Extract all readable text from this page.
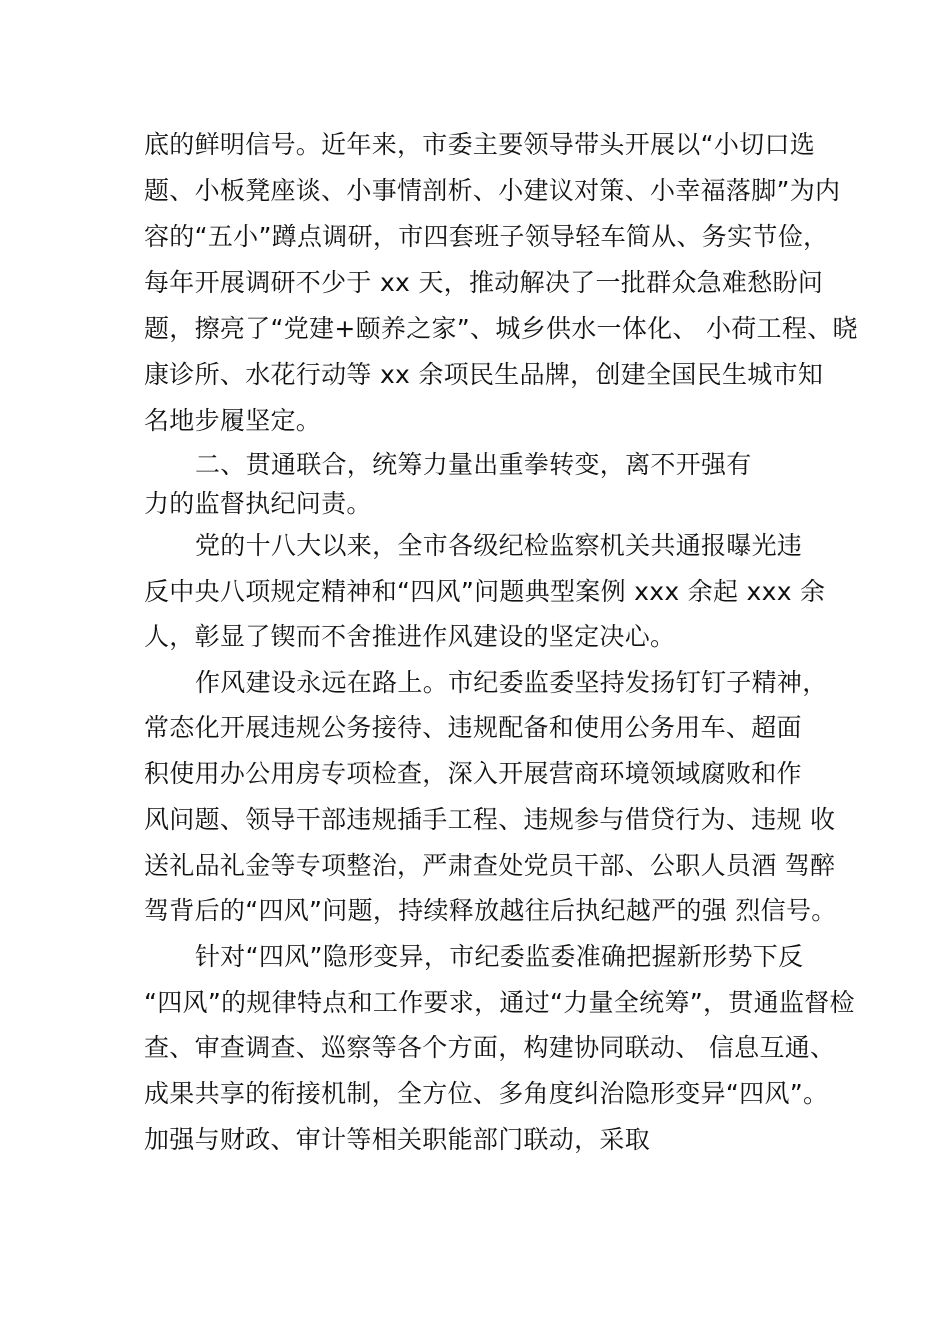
底的鲜明信号。近年来，市委主要领导带头开展以“小切口选
题、小板凳座谈、小事情剖析、小建议对策、小幸福落脚”为内
容的“五小”蹲点调研，市四套班子领导轻车简从、务实节俭，
每年开展调研不少于 xx 天，推动解决了一批群众急难愁盼问
题，擦亮了“党建+颐养之家”、城乡供水一体化、 小荷工程、晓
康诊所、水花行动等 xx 余项民生品牌，创建全国民生城市知
名地步履坚定。
二、贯通联合，统筹力量出重拳转变，离不开强有
力的监督执纪问责。
党的十八大以来，全市各级纪检监察机关共通报曝光违
反中央八项规定精神和“四风”问题典型案例 xxx 余起 xxx 余
人，彰显了锲而不舍推进作风建设的坚定决心。
作风建设永远在路上。市纪委监委坚持发扬钉钉子精神，
常态化开展违规公务接待、违规配备和使用公务用车、超面
积使用办公用房专项检查，深入开展营商环境领域腐败和作
风问题、领导干部违规插手工程、违规参与借贷行为、违规 收
送礼品礼金等专项整治，严肃查处党员干部、公职人员酒 驾醉
驾背后的“四风”问题，持续释放越往后执纪越严的强 烈信号。
针对“四风”隐形变异，市纪委监委准确把握新形势下反
“四风”的规律特点和工作要求，通过“力量全统筹”，贯通监督检
查、审查调查、巡察等各个方面，构建协同联动、 信息互通、
成果共享的衔接机制，全方位、多角度纠治隐形变异“四风”。
加强与财政、审计等相关职能部门联动，采取
